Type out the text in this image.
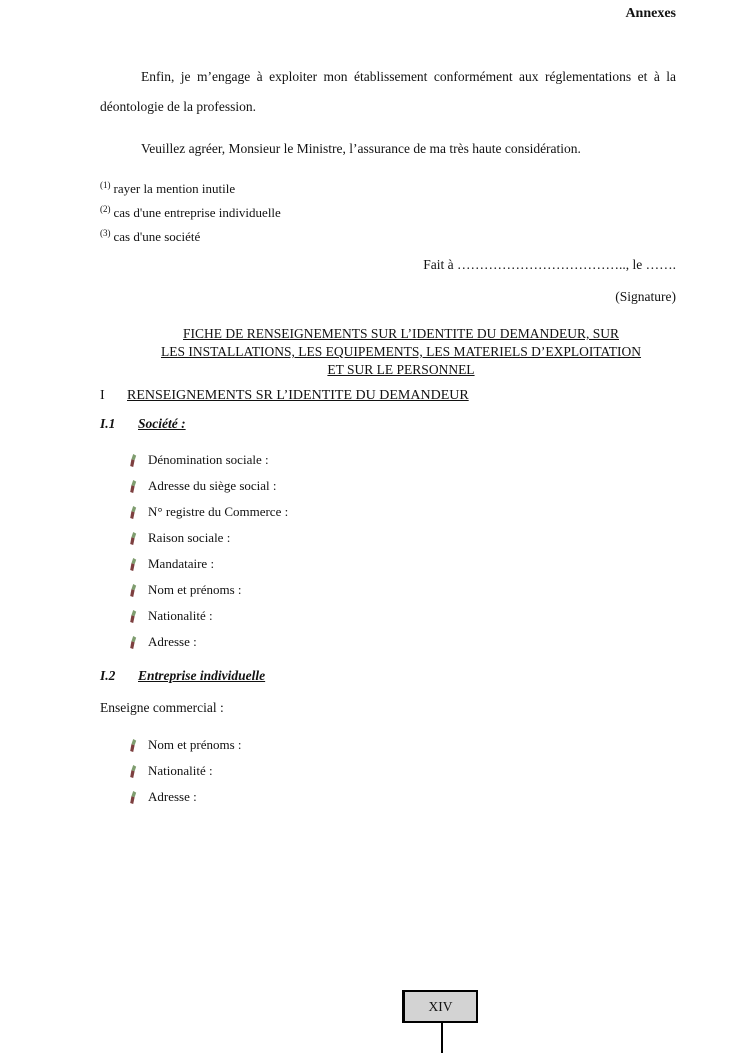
Annexes

Enfin, je m’engage à exploiter mon établissement conformément aux réglementations et à la déontologie de la profession.

Veuillez agréer, Monsieur le Ministre, l’assurance de ma très haute considération.

$^{(1)}$ rayer la mention inutile
$^{(2)}$ cas d'une entreprise individuelle
$^{(3)}$ cas d'une société
Fait à ……………………………….., le …….
(Signature)
FICHE DE RENSEIGNEMENTS SUR L’IDENTITE DU DEMANDEUR, SUR
LES INSTALLATIONS, LES EQUIPEMENTS, LES MATERIELS D’EXPLOITATION
ET SUR LE PERSONNEL
I RENSEIGNEMENTS SR L’IDENTITE DU DEMANDEUR
I.1 Société :
Dénomination sociale :
Adresse du siège social :
N° registre du Commerce :
Raison sociale :
Mandataire :
Nom et prénoms :
Nationalité :
Adresse :
I.2 Entreprise individuelle
Enseigne commercial :
Nom et prénoms :
Nationalité :
Adresse :
XIV
